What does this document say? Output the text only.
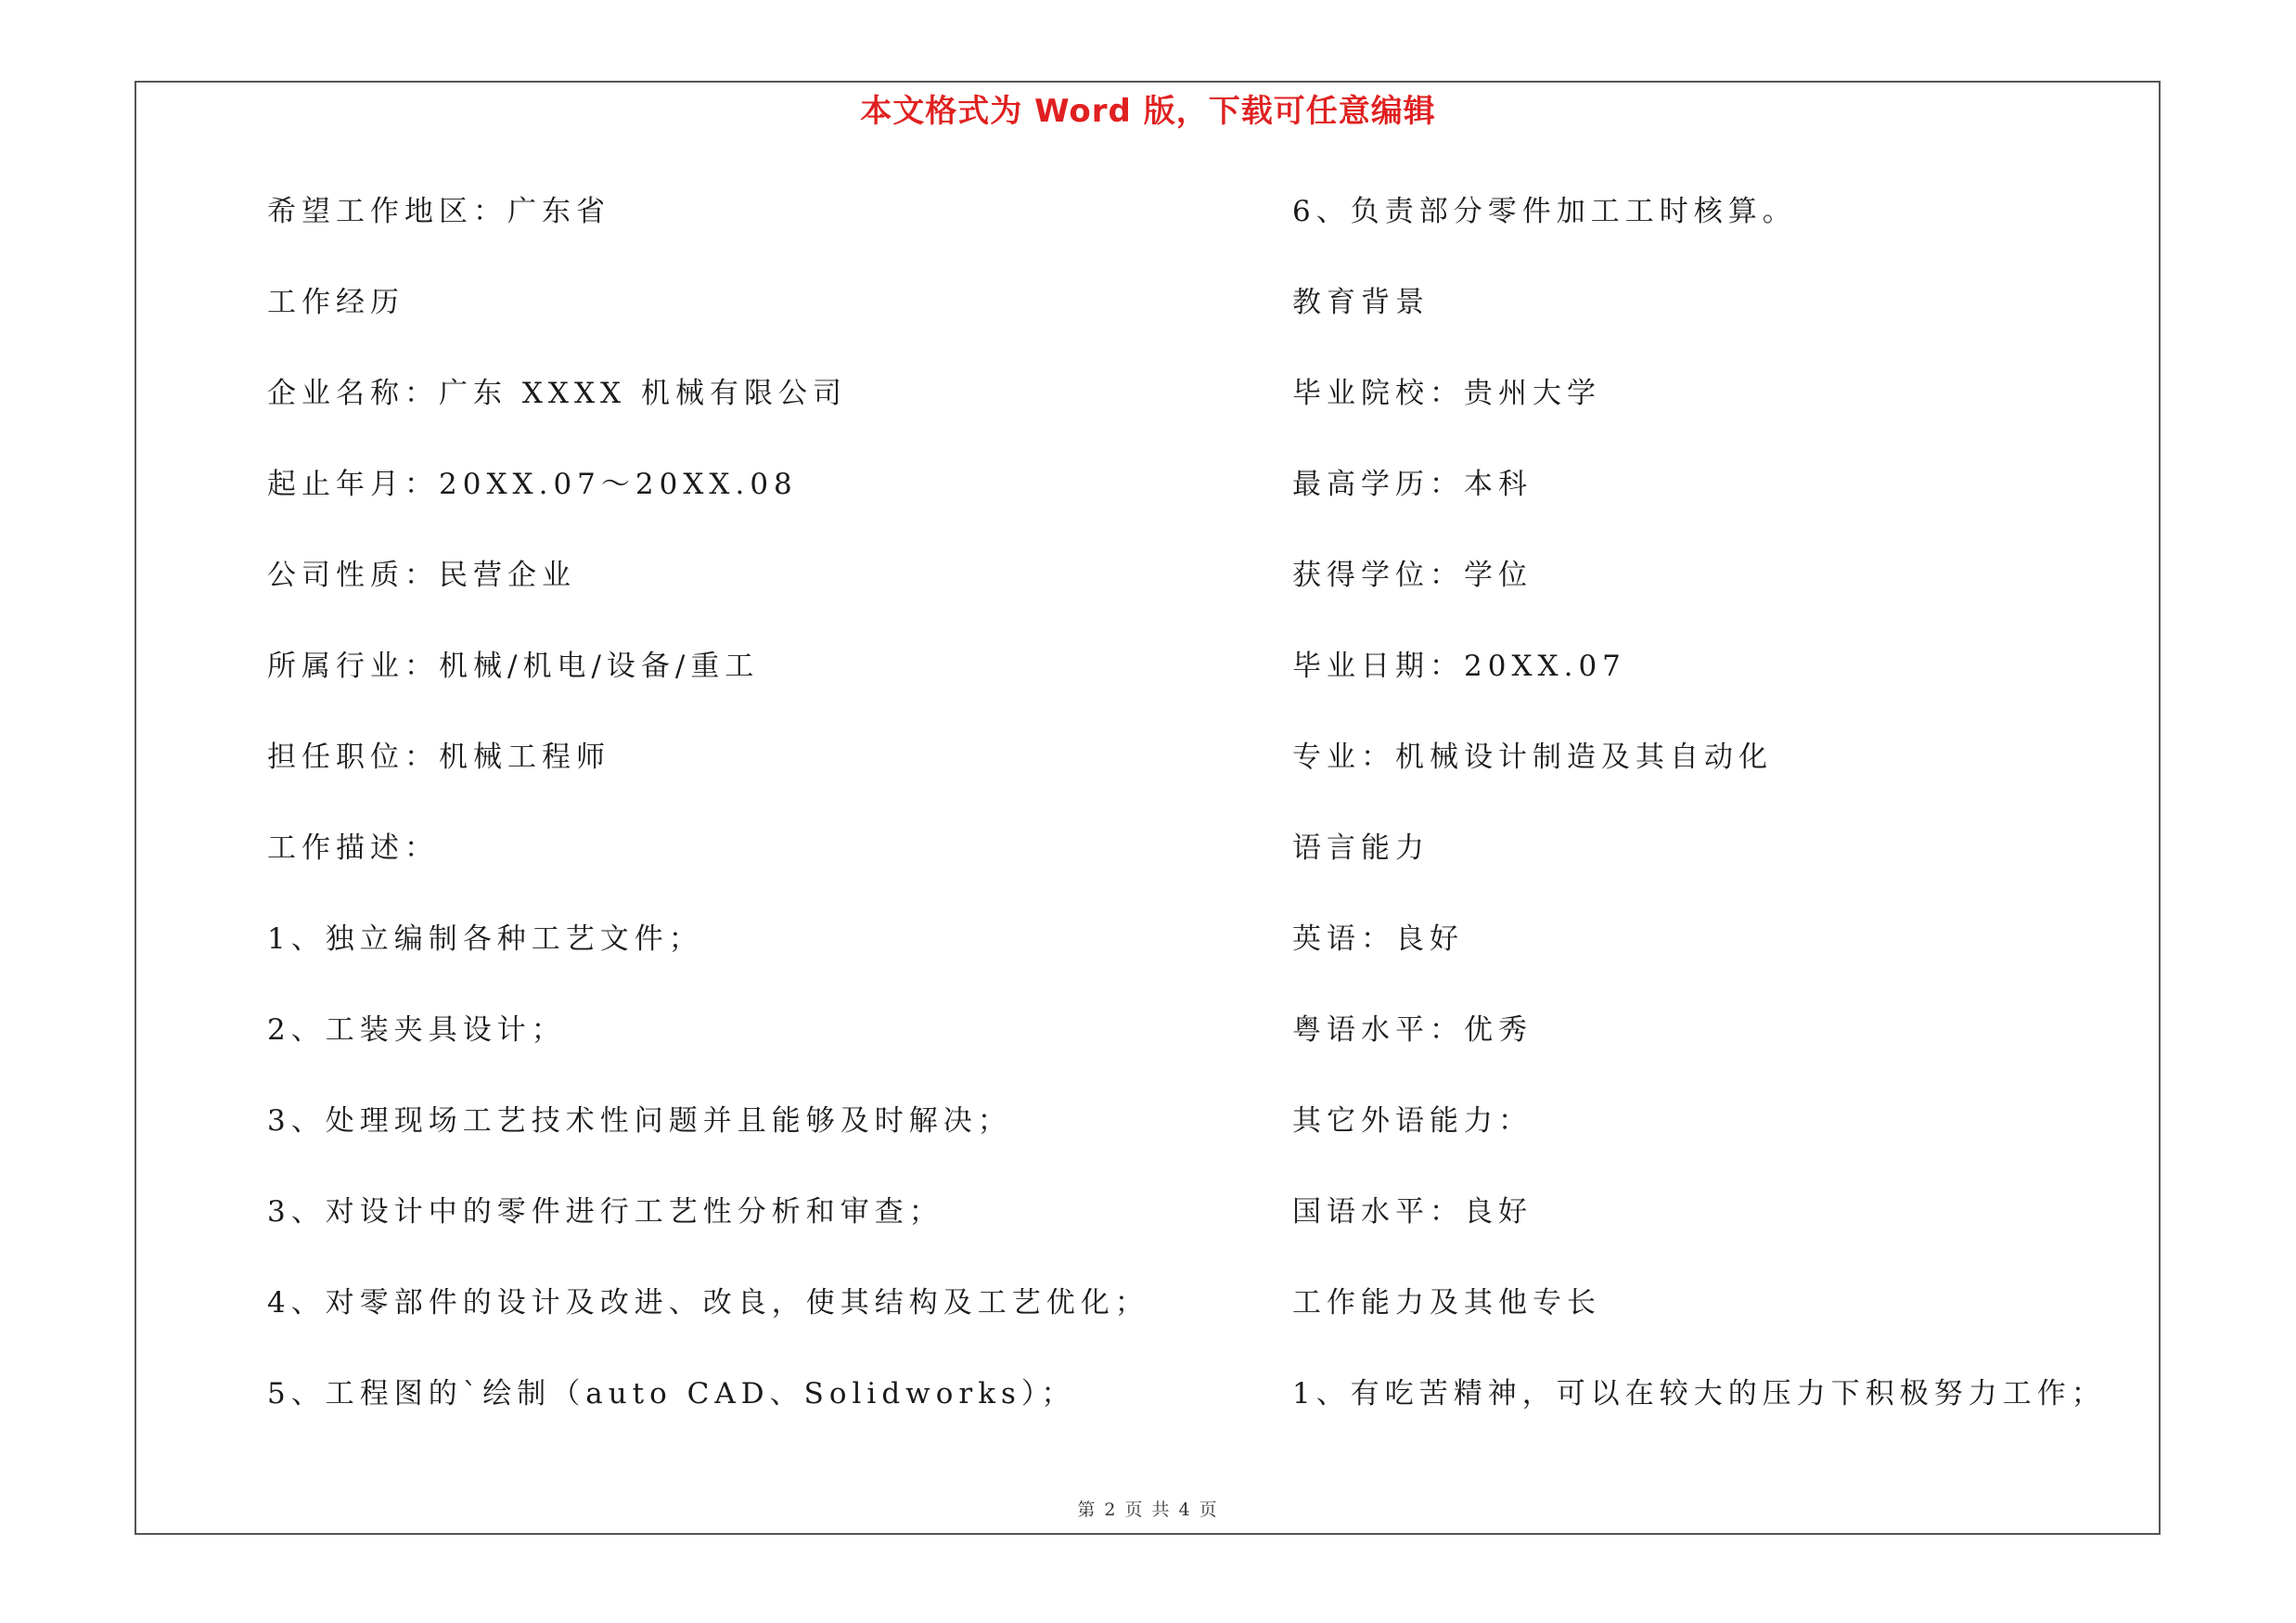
本文格式为 Word 版，下载可任意编辑
希望工作地区：广东省
工作经历
企业名称：广东 XXXX 机械有限公司
起止年月：20XX.07～20XX.08
公司性质：民营企业
所属行业：机械/机电/设备/重工
担任职位：机械工程师
工作描述：
1、独立编制各种工艺文件；
2、工装夹具设计；
3、处理现场工艺技术性问题并且能够及时解决；
3、对设计中的零件进行工艺性分析和审查；
4、对零部件的设计及改进、改良，使其结构及工艺优化；
5、工程图的`绘制（auto CAD、Solidworks）；
6、负责部分零件加工工时核算。
教育背景
毕业院校：贵州大学
最高学历：本科
获得学位：学位
毕业日期：20XX.07
专业：机械设计制造及其自动化
语言能力
英语：良好
粤语水平：优秀
其它外语能力：
国语水平：良好
工作能力及其他专长
1、有吃苦精神，可以在较大的压力下积极努力工作；
第 2 页 共 4 页
